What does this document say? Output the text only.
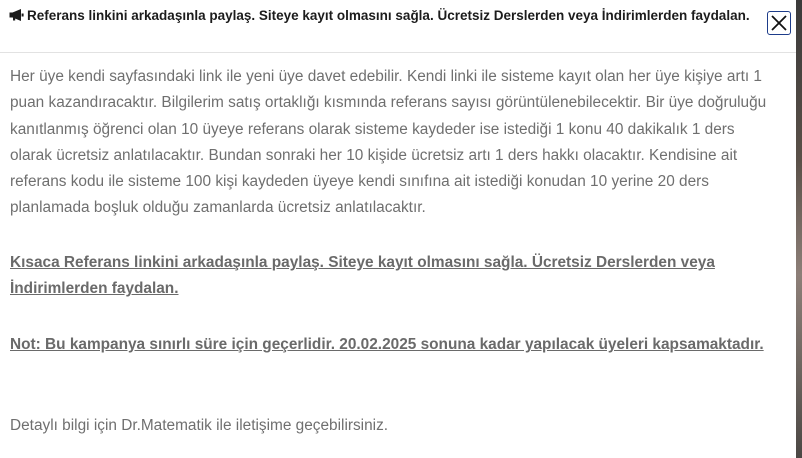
Referans linkini arkadaşınla paylaş. Siteye kayıt olmasını sağla. Ücretsiz Derslerden veya İndirimlerden faydalan.

Her üye kendi sayfasındaki link ile yeni üye davet edebilir. Kendi linki ile sisteme kayıt olan her üye kişiye artı 1 puan kazandıracaktır. Bilgilerim satış ortaklığı kısmında referans sayısı görüntülenebilecektir. Bir üye doğruluğu kanıtlanmış öğrenci olan 10 üyeye referans olarak sisteme kaydeder ise istediği 1 konu 40 dakikalık 1 ders olarak ücretsiz anlatılacaktır. Bundan sonraki her 10 kişide ücretsiz artı 1 ders hakkı olacaktır. Kendisine ait referans kodu ile sisteme 100 kişi kaydeden üyeye kendi sınıfına ait istediği konudan 10 yerine 20 ders planlamada boşluk olduğu zamanlarda ücretsiz anlatılacaktır.

Kısaca Referans linkini arkadaşınla paylaş. Siteye kayıt olmasını sağla. Ücretsiz Derslerden veya İndirimlerden faydalan.

Not: Bu kampanya sınırlı süre için geçerlidir. 20.02.2025 sonuna kadar yapılacak üyeleri kapsamaktadır.

Detaylı bilgi için Dr.Matematik ile iletişime geçebilirsiniz.
